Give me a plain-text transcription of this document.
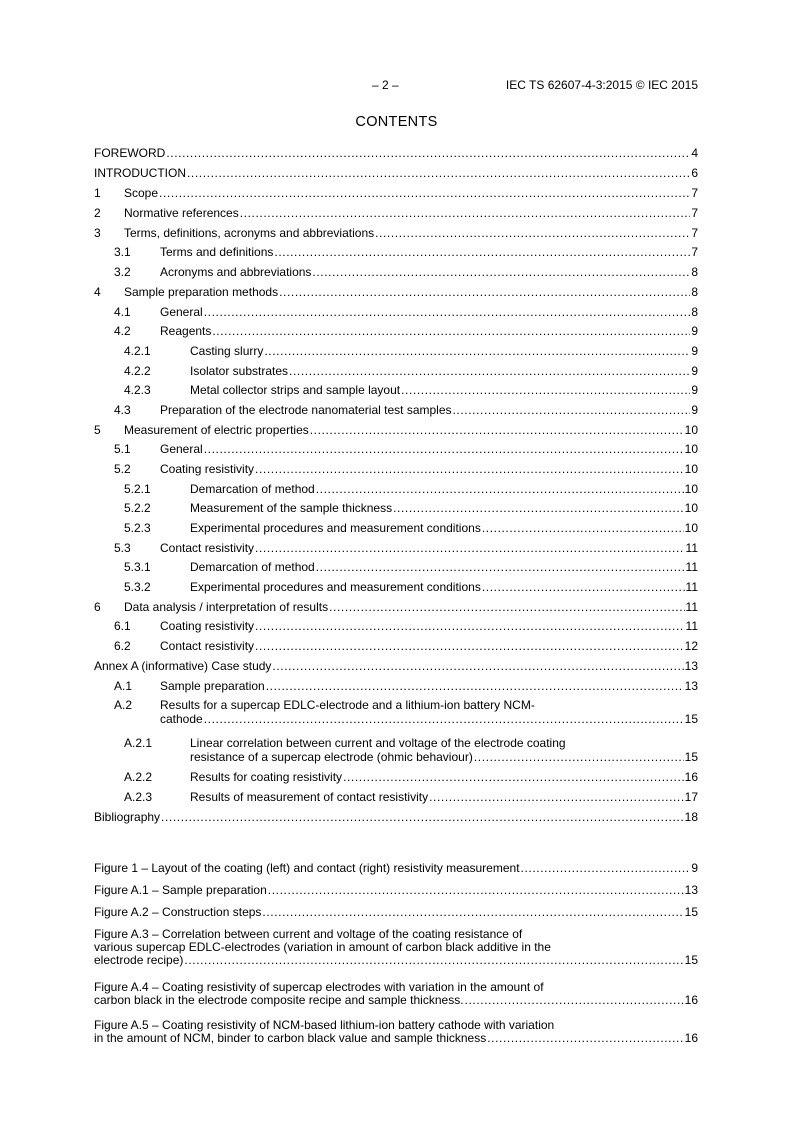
– 2 –	IEC TS 62607-4-3:2015 © IEC 2015
CONTENTS
FOREWORD .....	4
INTRODUCTION .....	6
1 Scope .....	7
2 Normative references .....	7
3 Terms, definitions, acronyms and abbreviations .....	7
3.1 Terms and definitions .....	7
3.2 Acronyms and abbreviations .....	8
4 Sample preparation methods .....	8
4.1 General .....	8
4.2 Reagents .....	9
4.2.1	Casting slurry .....	9
4.2.2	Isolator substrates .....	9
4.2.3	Metal collector strips and sample layout .....	9
4.3 Preparation of the electrode nanomaterial test samples .....	9
5 Measurement of electric properties .....	10
5.1 General .....	10
5.2 Coating resistivity .....	10
5.2.1	Demarcation of method .....	10
5.2.2	Measurement of the sample thickness .....	10
5.2.3	Experimental procedures and measurement conditions .....	10
5.3 Contact resistivity .....	11
5.3.1	Demarcation of method .....	11
5.3.2	Experimental procedures and measurement conditions .....	11
6 Data analysis / interpretation of results .....	11
6.1 Coating resistivity .....	11
6.2 Contact resistivity .....	12
Annex A (informative) Case study .....	13
A.1 Sample preparation .....	13
A.2 Results for a supercap EDLC-electrode and a lithium-ion battery NCM-
cathode .....	15
A.2.1	Linear correlation between current and voltage of the electrode coating
resistance of a supercap electrode (ohmic behaviour) .....	15
A.2.2	Results for coating resistivity .....	16
A.2.3	Results of measurement of contact resistivity .....	17
Bibliography .....	18
Figure 1 – Layout of the coating (left) and contact (right) resistivity measurement .....	9
Figure A.1 – Sample preparation .....	13
Figure A.2 – Construction steps .....	15
Figure A.3 – Correlation between current and voltage of the coating resistance of
various supercap EDLC-electrodes (variation in amount of carbon black additive in the
electrode recipe) .....	15
Figure A.4 – Coating resistivity of supercap electrodes with variation in the amount of
carbon black in the electrode composite recipe and sample thickness. .....	16
Figure A.5 – Coating resistivity of NCM-based lithium-ion battery cathode with variation
in the amount of NCM, binder to carbon black value and sample thickness .....	16
